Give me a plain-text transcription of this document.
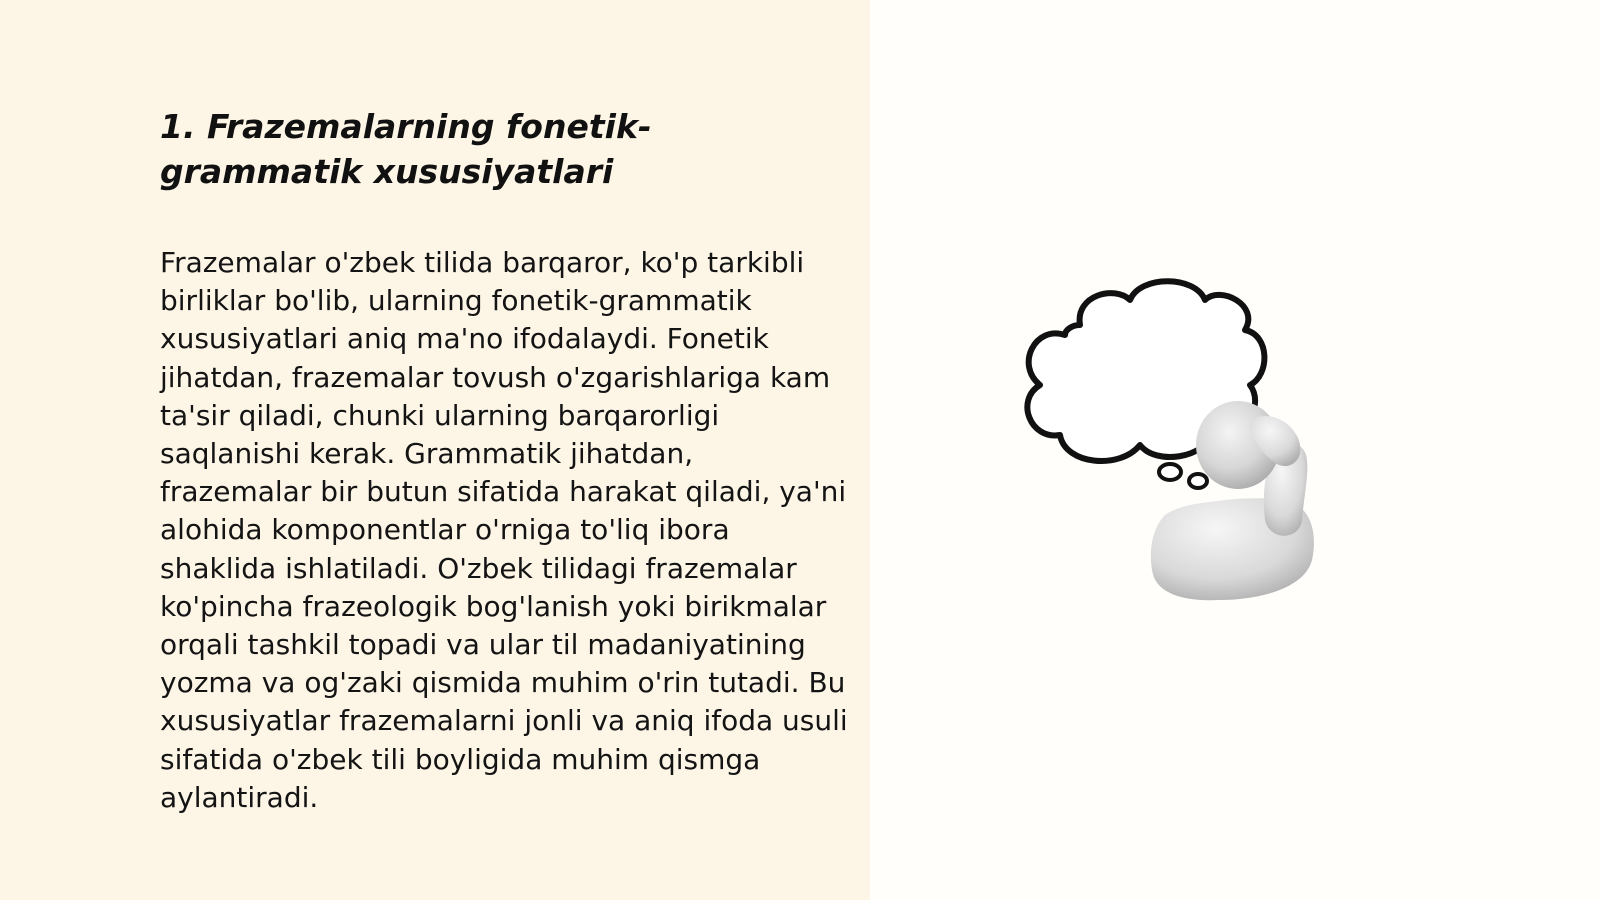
1. Frazemalarning fonetik-grammatik xususiyatlari

Frazemalar o'zbek tilida barqaror, ko'p tarkibli birliklar bo'lib, ularning fonetik-grammatik xususiyatlari aniq ma'no ifodalaydi. Fonetik jihatdan, frazemalar tovush o'zgarishlariga kam ta'sir qiladi, chunki ularning barqarorligi saqlanishi kerak. Grammatik jihatdan, frazemalar bir butun sifatida harakat qiladi, ya'ni alohida komponentlar o'rniga to'liq ibora shaklida ishlatiladi. O'zbek tilidagi frazemalar ko'pincha frazeologik bog'lanish yoki birikmalar orqali tashkil topadi va ular til madaniyatining yozma va og'zaki qismida muhim o'rin tutadi. Bu xususiyatlar frazemalarni jonli va aniq ifoda usuli sifatida o'zbek tili boyligida muhim qismga aylantiradi.
